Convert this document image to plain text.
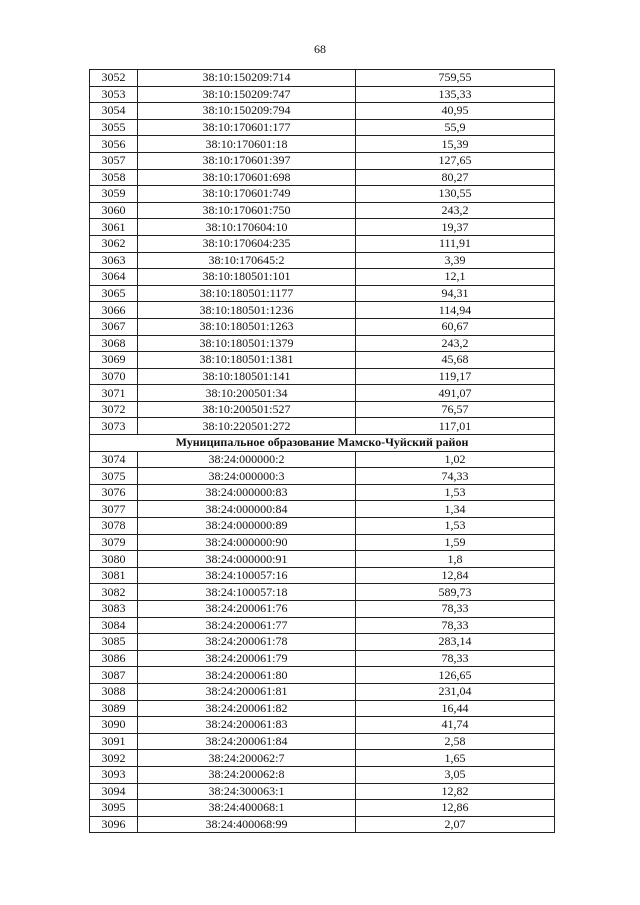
68
3052	38:10:150209:714	759,55
3053	38:10:150209:747	135,33
3054	38:10:150209:794	40,95
3055	38:10:170601:177	55,9
3056	38:10:170601:18	15,39
3057	38:10:170601:397	127,65
3058	38:10:170601:698	80,27
3059	38:10:170601:749	130,55
3060	38:10:170601:750	243,2
3061	38:10:170604:10	19,37
3062	38:10:170604:235	111,91
3063	38:10:170645:2	3,39
3064	38:10:180501:101	12,1
3065	38:10:180501:1177	94,31
3066	38:10:180501:1236	114,94
3067	38:10:180501:1263	60,67
3068	38:10:180501:1379	243,2
3069	38:10:180501:1381	45,68
3070	38:10:180501:141	119,17
3071	38:10:200501:34	491,07
3072	38:10:200501:527	76,57
3073	38:10:220501:272	117,01
Муниципальное образование Мамско-Чуйский район		
3074	38:24:000000:2	1,02
3075	38:24:000000:3	74,33
3076	38:24:000000:83	1,53
3077	38:24:000000:84	1,34
3078	38:24:000000:89	1,53
3079	38:24:000000:90	1,59
3080	38:24:000000:91	1,8
3081	38:24:100057:16	12,84
3082	38:24:100057:18	589,73
3083	38:24:200061:76	78,33
3084	38:24:200061:77	78,33
3085	38:24:200061:78	283,14
3086	38:24:200061:79	78,33
3087	38:24:200061:80	126,65
3088	38:24:200061:81	231,04
3089	38:24:200061:82	16,44
3090	38:24:200061:83	41,74
3091	38:24:200061:84	2,58
3092	38:24:200062:7	1,65
3093	38:24:200062:8	3,05
3094	38:24:300063:1	12,82
3095	38:24:400068:1	12,86
3096	38:24:400068:99	2,07
